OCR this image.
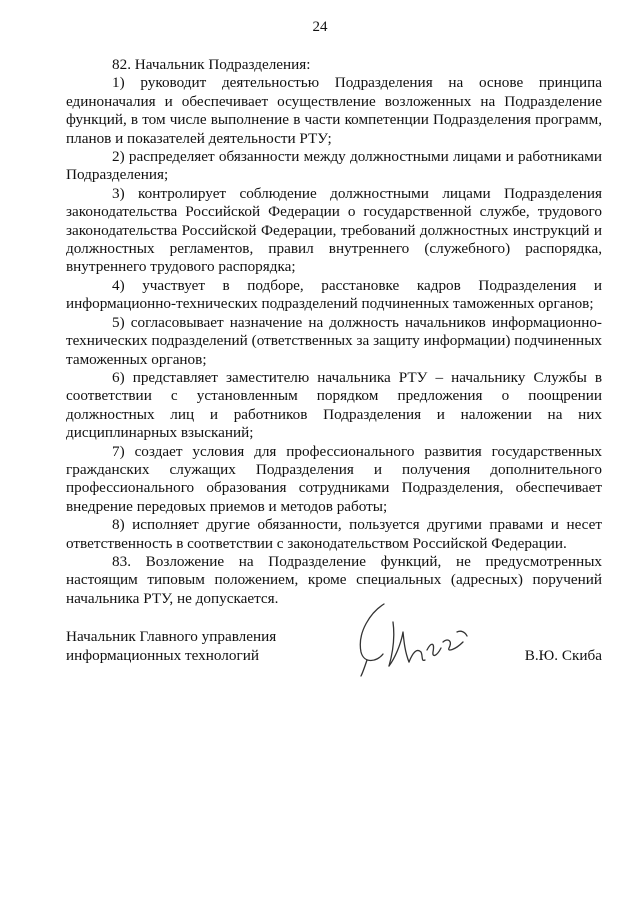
24

82. Начальник Подразделения:

1) руководит деятельностью Подразделения на основе принципа единоначалия и обеспечивает осуществление возложенных на Подразделение функций, в том числе выполнение в части компетенции Подразделения программ, планов и показателей деятельности РТУ;

2) распределяет обязанности между должностными лицами и работниками Подразделения;

3) контролирует соблюдение должностными лицами Подразделения законодательства Российской Федерации о государственной службе, трудового законодательства Российской Федерации, требований должностных инструкций и должностных регламентов, правил внутреннего (служебного) распорядка, внутреннего трудового распорядка;

4) участвует в подборе, расстановке кадров Подразделения и информационно-технических подразделений подчиненных таможенных органов;

5) согласовывает назначение на должность начальников информационно-технических подразделений (ответственных за защиту информации) подчиненных таможенных органов;

6) представляет заместителю начальника РТУ – начальнику Службы в соответствии с установленным порядком предложения о поощрении должностных лиц и работников Подразделения и наложении на них дисциплинарных взысканий;

7) создает условия для профессионального развития государственных гражданских служащих Подразделения и получения дополнительного профессионального образования сотрудниками Подразделения, обеспечивает внедрение передовых приемов и методов работы;

8) исполняет другие обязанности, пользуется другими правами и несет ответственность в соответствии с законодательством Российской Федерации.

83. Возложение на Подразделение функций, не предусмотренных настоящим типовым положением, кроме специальных (адресных) поручений начальника РТУ, не допускается.

Начальник Главного управления
информационных технологий	В.Ю. Скиба
